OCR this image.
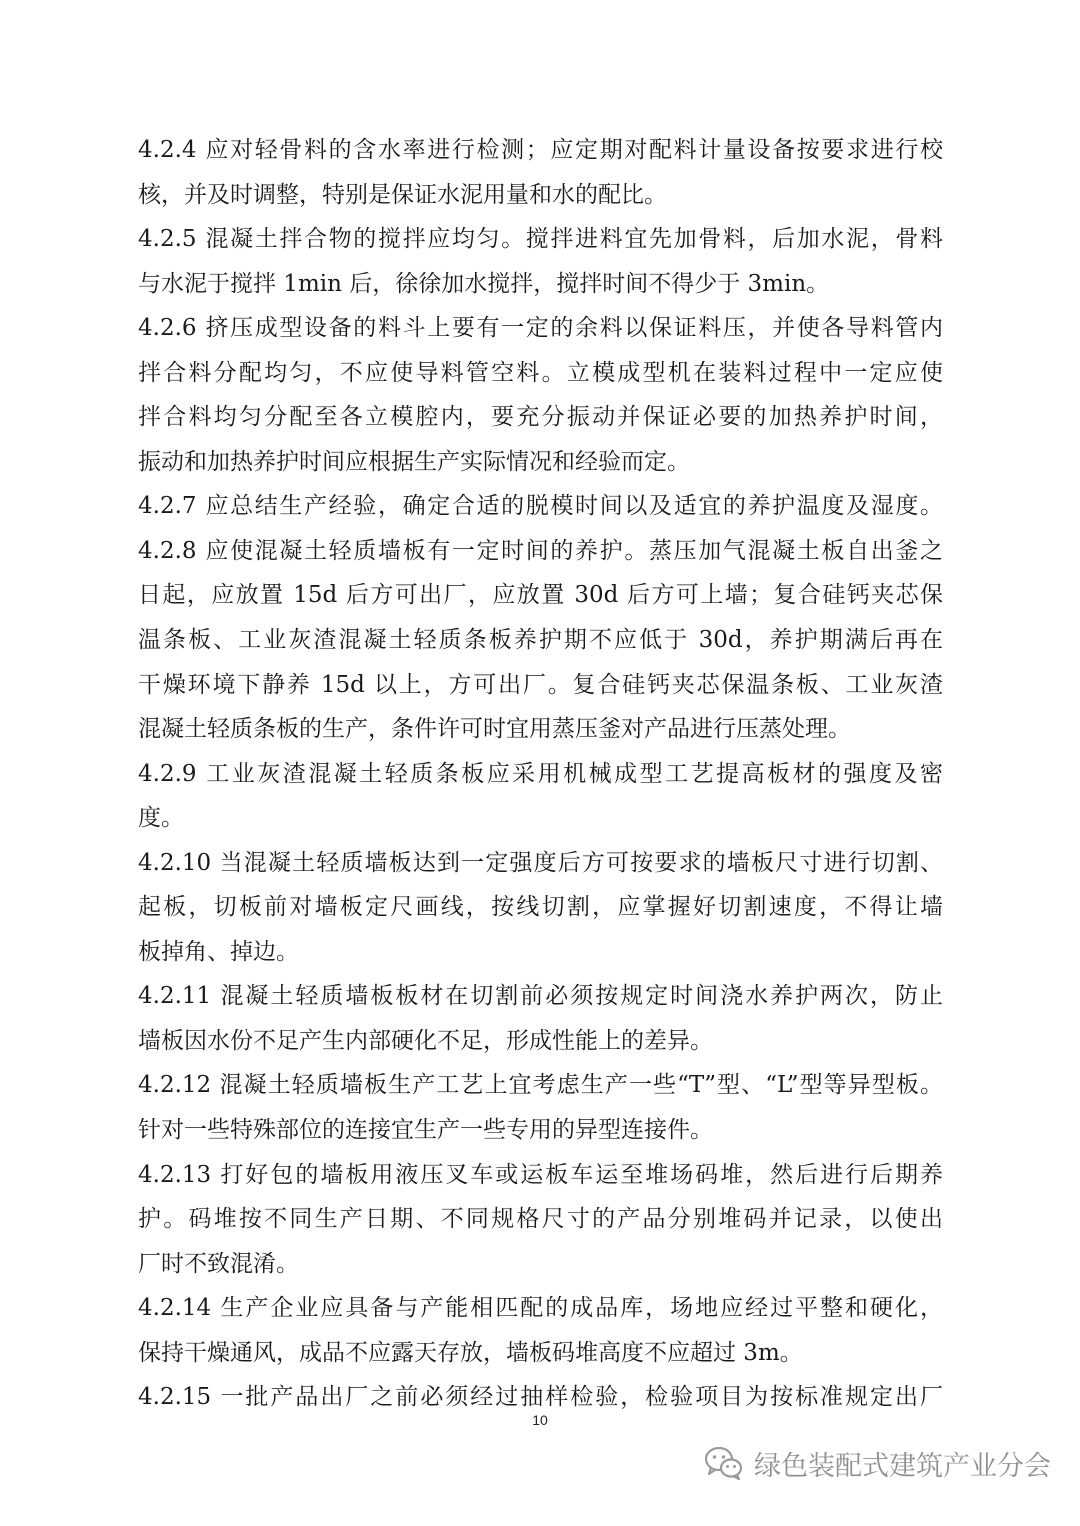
4.2.4 应对轻骨料的含水率进行检测；应定期对配料计量设备按要求进行校
核，并及时调整，特别是保证水泥用量和水的配比。
4.2.5 混凝土拌合物的搅拌应均匀。搅拌进料宜先加骨料，后加水泥，骨料
与水泥于搅拌 1min 后，徐徐加水搅拌，搅拌时间不得少于 3min。
4.2.6 挤压成型设备的料斗上要有一定的余料以保证料压，并使各导料管内
拌合料分配均匀，不应使导料管空料。立模成型机在装料过程中一定应使
拌合料均匀分配至各立模腔内，要充分振动并保证必要的加热养护时间，
振动和加热养护时间应根据生产实际情况和经验而定。
4.2.7 应总结生产经验，确定合适的脱模时间以及适宜的养护温度及湿度。
4.2.8 应使混凝土轻质墙板有一定时间的养护。蒸压加气混凝土板自出釜之
日起，应放置 15d 后方可出厂，应放置 30d 后方可上墙；复合硅钙夹芯保
温条板、工业灰渣混凝土轻质条板养护期不应低于 30d，养护期满后再在
干燥环境下静养 15d 以上，方可出厂。复合硅钙夹芯保温条板、工业灰渣
混凝土轻质条板的生产，条件许可时宜用蒸压釜对产品进行压蒸处理。
4.2.9 工业灰渣混凝土轻质条板应采用机械成型工艺提高板材的强度及密
度。
4.2.10 当混凝土轻质墙板达到一定强度后方可按要求的墙板尺寸进行切割、
起板，切板前对墙板定尺画线，按线切割，应掌握好切割速度，不得让墙
板掉角、掉边。
4.2.11 混凝土轻质墙板板材在切割前必须按规定时间浇水养护两次，防止
墙板因水份不足产生内部硬化不足，形成性能上的差异。
4.2.12 混凝土轻质墙板生产工艺上宜考虑生产一些“T”型、“L”型等异型板。
针对一些特殊部位的连接宜生产一些专用的异型连接件。
4.2.13 打好包的墙板用液压叉车或运板车运至堆场码堆，然后进行后期养
护。码堆按不同生产日期、不同规格尺寸的产品分别堆码并记录，以使出
厂时不致混淆。
4.2.14 生产企业应具备与产能相匹配的成品库，场地应经过平整和硬化，
保持干燥通风，成品不应露天存放，墙板码堆高度不应超过 3m。
4.2.15 一批产品出厂之前必须经过抽样检验，检验项目为按标准规定出厂
10
绿色装配式建筑产业分会
